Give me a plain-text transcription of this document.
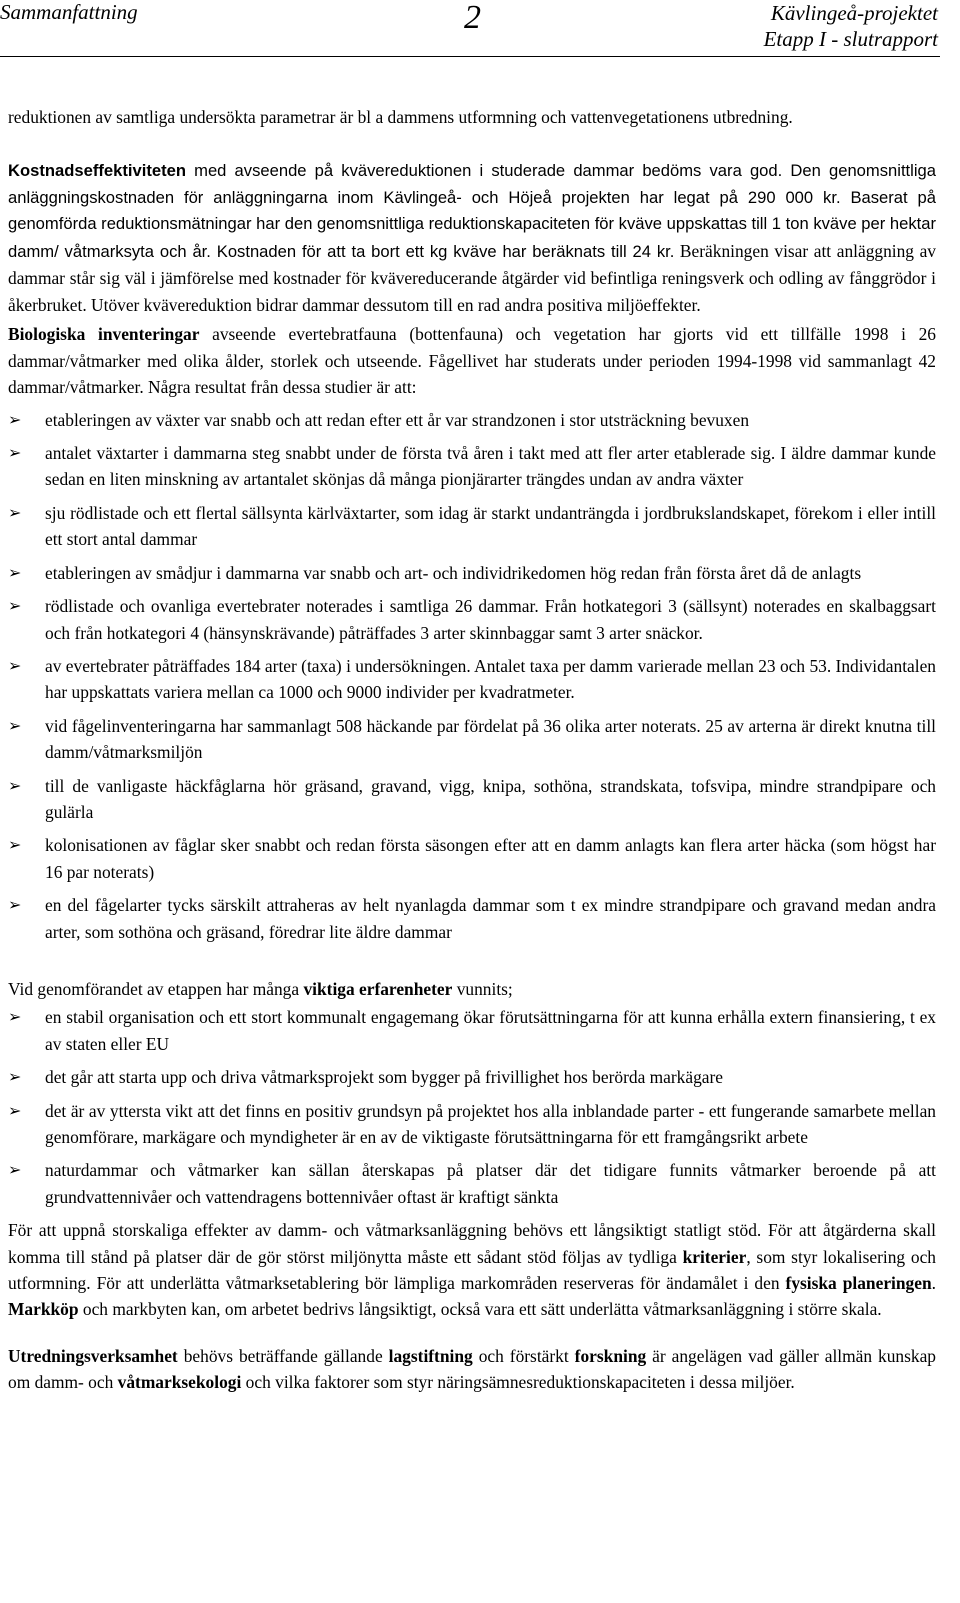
Sammanfattning	2	Kävlingeå-projektet
Etapp I - slutrapport

reduktionen av samtliga undersökta parametrar är bl a dammens utformning och vattenvegetationens utbredning.

Kostnadseffektiviteten med avseende på kvävereduktionen i studerade dammar bedöms vara god. Den genomsnittliga anläggningskostnaden för anläggningarna inom Kävlingeå- och Höjeå projekten har legat på 290 000 kr. Baserat på genomförda reduktionsmätningar har den genomsnittliga reduktionskapaciteten för kväve uppskattas till 1 ton kväve per hektar damm/ våtmarksyta och år. Kostnaden för att ta bort ett kg kväve har beräknats till 24 kr. Beräkningen visar att anläggning av dammar står sig väl i jämförelse med kostnader för kvävereducerande åtgärder vid befintliga reningsverk och odling av fånggrödor i åkerbruket. Utöver kvävereduktion bidrar dammar dessutom till en rad andra positiva miljöeffekter.

Biologiska inventeringar avseende evertebratfauna (bottenfauna) och vegetation har gjorts vid ett tillfälle 1998 i 26 dammar/våtmarker med olika ålder, storlek och utseende. Fågellivet har studerats under perioden 1994-1998 vid sammanlagt 42 dammar/våtmarker. Några resultat från dessa studier är att:

➢ etableringen av växter var snabb och att redan efter ett år var strandzonen i stor utsträckning bevuxen
➢ antalet växtarter i dammarna steg snabbt under de första två åren i takt med att fler arter etablerade sig. I äldre dammar kunde sedan en liten minskning av artantalet skönjas då många pionjärarter trängdes undan av andra växter
➢ sju rödlistade och ett flertal sällsynta kärlväxtarter, som idag är starkt undanträngda i jordbrukslandskapet, förekom i eller intill ett stort antal dammar
➢ etableringen av smådjur i dammarna var snabb och art- och individrikedomen hög redan från första året då de anlagts
➢ rödlistade och ovanliga evertebrater noterades i samtliga 26 dammar. Från hotkategori 3 (sällsynt) noterades en skalbaggsart och från hotkategori 4 (hänsynskrävande) påträffades 3 arter skinnbaggar samt 3 arter snäckor.
➢ av evertebrater påträffades 184 arter (taxa) i undersökningen. Antalet taxa per damm varierade mellan 23 och 53. Individantalen har uppskattats variera mellan ca 1000 och 9000 individer per kvadratmeter.
➢ vid fågelinventeringarna har sammanlagt 508 häckande par fördelat på 36 olika arter noterats. 25 av arterna är direkt knutna till damm/våtmarksmiljön
➢ till de vanligaste häckfåglarna hör gräsand, gravand, vigg, knipa, sothöna, strandskata, tofsvipa, mindre strandpipare och gulärla
➢ kolonisationen av fåglar sker snabbt och redan första säsongen efter att en damm anlagts kan flera arter häcka (som högst har 16 par noterats)
➢ en del fågelarter tycks särskilt attraheras av helt nyanlagda dammar som t ex mindre strandpipare och gravand medan andra arter, som sothöna och gräsand, föredrar lite äldre dammar

Vid genomförandet av etappen har många viktiga erfarenheter vunnits;

➢ en stabil organisation och ett stort kommunalt engagemang ökar förutsättningarna för att kunna erhålla extern finansiering, t ex av staten eller EU
➢ det går att starta upp och driva våtmarksprojekt som bygger på frivillighet hos berörda markägare
➢ det är av yttersta vikt att det finns en positiv grundsyn på projektet hos alla inblandade parter - ett fungerande samarbete mellan genomförare, markägare och myndigheter är en av de viktigaste förutsättningarna för ett framgångsrikt arbete
➢ naturdammar och våtmarker kan sällan återskapas på platser där det tidigare funnits våtmarker beroende på att grundvattennivåer och vattendragens bottennivåer oftast är kraftigt sänkta

För att uppnå storskaliga effekter av damm- och våtmarksanläggning behövs ett långsiktigt statligt stöd. För att åtgärderna skall komma till stånd på platser där de gör störst miljönytta måste ett sådant stöd följas av tydliga kriterier, som styr lokalisering och utformning. För att underlätta våtmarksetablering bör lämpliga markområden reserveras för ändamålet i den fysiska planeringen. Markköp och markbyten kan, om arbetet bedrivs långsiktigt, också vara ett sätt underlätta våtmarksanläggning i större skala.

Utredningsverksamhet behövs beträffande gällande lagstiftning och förstärkt forskning är angelägen vad gäller allmän kunskap om damm- och våtmarksekologi och vilka faktorer som styr näringsämnesreduktionskapaciteten i dessa miljöer.
